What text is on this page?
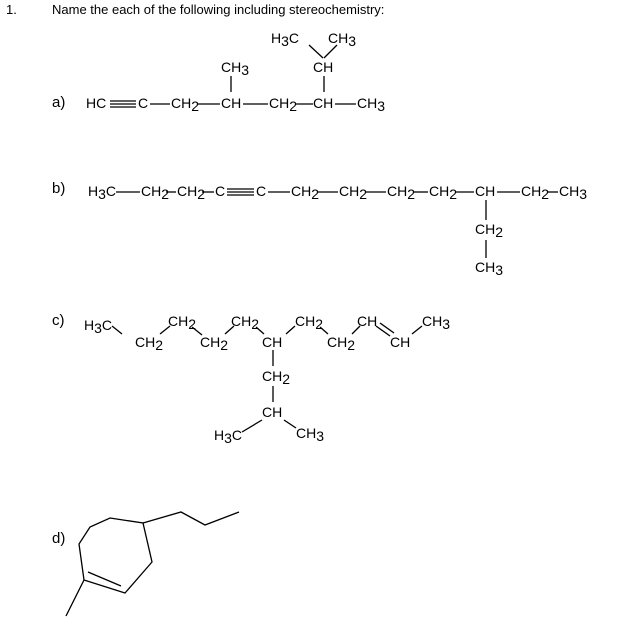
1.	Name the each of the following including stereochemistry:
a)
b)
c)
d)
H3C CH3
CH
CH3
HC C CH2 CH CH2 CH CH3
H3C CH2 CH2 C C CH2 CH2 CH2 CH2 CH CH2 CH3
CH2
CH3
H3C
CH2
CH2
CH2
CH2
CH
CH2
CH2
CH
CH
CH3
CH2
CH
H3C	CH3
